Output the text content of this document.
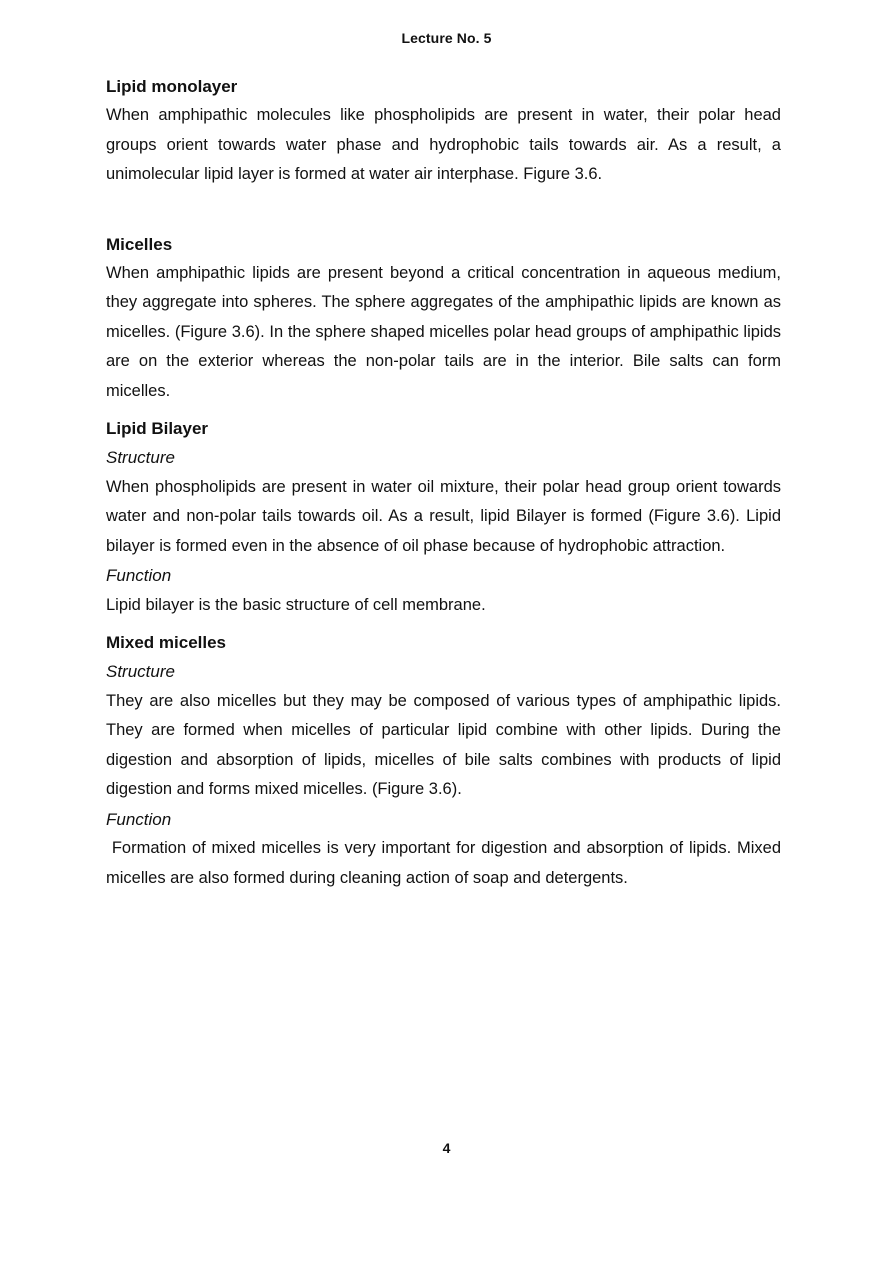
Lecture No. 5

Lipid monolayer

When amphipathic molecules like phospholipids are present in water, their polar head groups orient towards water phase and hydrophobic tails towards air. As a result, a unimolecular lipid layer is formed at water air interphase. Figure 3.6.

Micelles

When amphipathic lipids are present beyond a critical concentration in aqueous medium, they aggregate into spheres. The sphere aggregates of the amphipathic lipids are known as micelles. (Figure 3.6). In the sphere shaped micelles polar head groups of amphipathic lipids are on the exterior whereas the non-polar tails are in the interior. Bile salts can form micelles.

Lipid Bilayer

Structure

When phospholipids are present in water oil mixture, their polar head group orient towards water and non-polar tails towards oil. As a result, lipid Bilayer is formed (Figure 3.6). Lipid bilayer is formed even in the absence of oil phase because of hydrophobic attraction.

Function

Lipid bilayer is the basic structure of cell membrane.

Mixed micelles

Structure

They are also micelles but they may be composed of various types of amphipathic lipids. They are formed when micelles of particular lipid combine with other lipids. During the digestion and absorption of lipids, micelles of bile salts combines with products of lipid digestion and forms mixed micelles. (Figure 3.6).

Function

Formation of mixed micelles is very important for digestion and absorption of lipids. Mixed micelles are also formed during cleaning action of soap and detergents.

4
